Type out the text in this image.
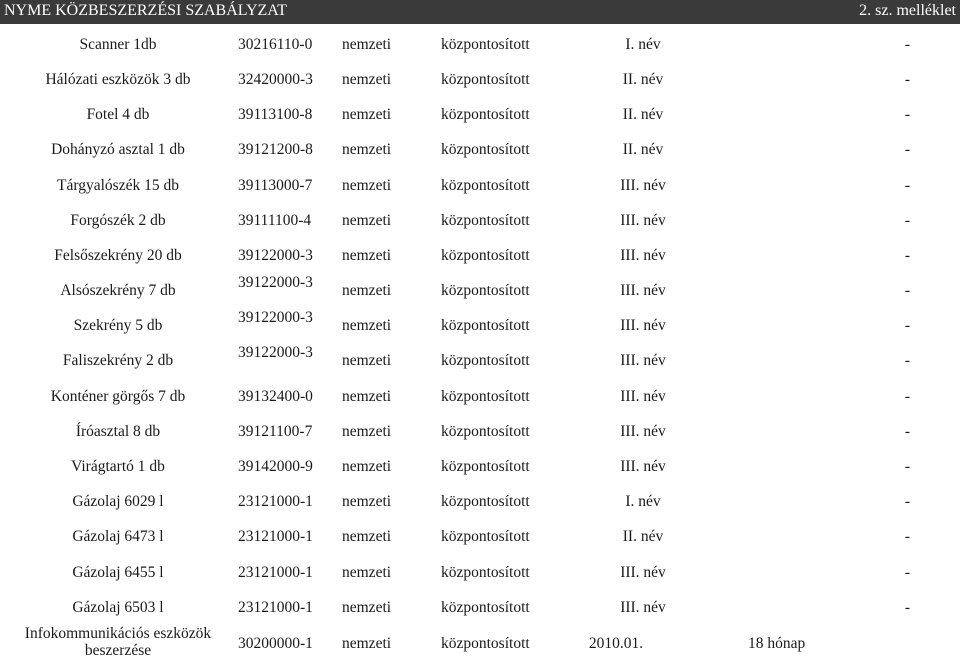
NYME KÖZBESZERZÉSI SZABÁLYZAT	2. sz. melléklet
Scanner 1db	30216110-0 nemzeti	központosított	I. név	-
Hálózati eszközök 3 db	32420000-3 nemzeti	központosított	II. név	-
Fotel 4 db	39113100-8 nemzeti	központosított	II. név	-
Dohányzó asztal 1 db	39121200-8 nemzeti	központosított	II. név	-
Tárgyalószék 15 db	39113000-7 nemzeti	központosított	III. név	-
Forgószék 2 db	39111100-4 nemzeti	központosított	III. név	-
Felsőszekrény 20 db	39122000-3 nemzeti	központosított	III. név	-
Alsószekrény 7 db	39122000-3 nemzeti	központosított	III. név	-
Szekrény 5 db	39122000-3 nemzeti	központosított	III. név	-
Faliszekrény 2 db	39122000-3 nemzeti	központosított	III. név	-
Konténer görgős 7 db	39132400-0 nemzeti	központosított	III. név	-
Íróasztal 8 db	39121100-7 nemzeti	központosított	III. név	-
Virágtartó 1 db	39142000-9 nemzeti	központosított	III. név	-
Gázolaj 6029 l	23121000-1 nemzeti	központosított	I. név	-
Gázolaj 6473 l	23121000-1 nemzeti	központosított	II. név	-
Gázolaj 6455 l	23121000-1 nemzeti	központosított	III. név	-
Gázolaj 6503 l	23121000-1 nemzeti	központosított	III. név	-
Infokommunikációs eszközök beszerzése	30200000-1 nemzeti	központosított	2010.01.	18 hónap
